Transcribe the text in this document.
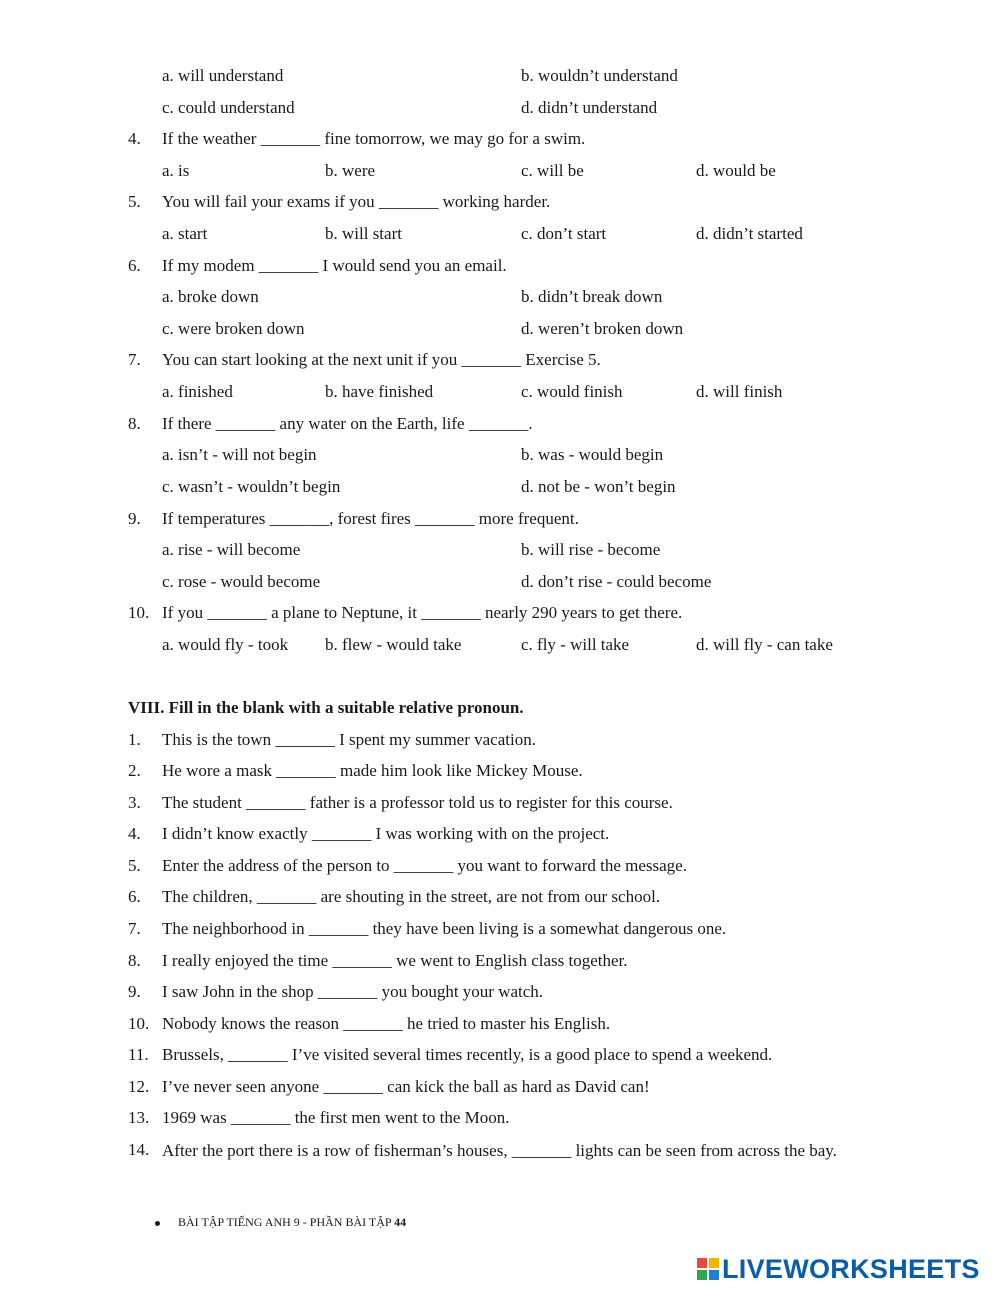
a. will understand	b. wouldn’t understand
c. could understand	d. didn’t understand
4. If the weather _______ fine tomorrow, we may go for a swim.
a. is	b. were	c. will be	d. would be
5. You will fail your exams if you _______ working harder.
a. start	b. will start	c. don’t start	d. didn’t started
6. If my modem _______ I would send you an email.
a. broke down	b. didn’t break down
c. were broken down	d. weren’t broken down
7. You can start looking at the next unit if you _______ Exercise 5.
a. finished	b. have finished	c. would finish	d. will finish
8. If there _______ any water on the Earth, life _______.
a. isn’t - will not begin	b. was - would begin
c. wasn’t - wouldn’t begin	d. not be - won’t begin
9. If temperatures _______, forest fires _______ more frequent.
a. rise - will become	b. will rise - become
c. rose - would become	d. don’t rise - could become
10. If you _______ a plane to Neptune, it _______ nearly 290 years to get there.
a. would fly - took b. flew - would take	c. fly - will take	d. will fly - can take
VIII. Fill in the blank with a suitable relative pronoun.
1. This is the town _______ I spent my summer vacation.
2. He wore a mask _______ made him look like Mickey Mouse.
3. The student _______ father is a professor told us to register for this course.
4. I didn’t know exactly _______ I was working with on the project.
5. Enter the address of the person to _______ you want to forward the message.
6. The children, _______ are shouting in the street, are not from our school.
7. The neighborhood in _______ they have been living is a somewhat dangerous one.
8. I really enjoyed the time _______ we went to English class together.
9. I saw John in the shop _______ you bought your watch.
10. Nobody knows the reason _______ he tried to master his English.
11. Brussels, _______ I’ve visited several times recently, is a good place to spend a weekend.
12. I’ve never seen anyone _______ can kick the ball as hard as David can!
13. 1969 was _______ the first men went to the Moon.
14. After the port there is a row of fisherman’s houses, _______ lights can be seen from across the bay.
BÀI TẬP TIẾNG ANH 9 - PHẦN BÀI TẬP 44
LIVEWORKSHEETS
